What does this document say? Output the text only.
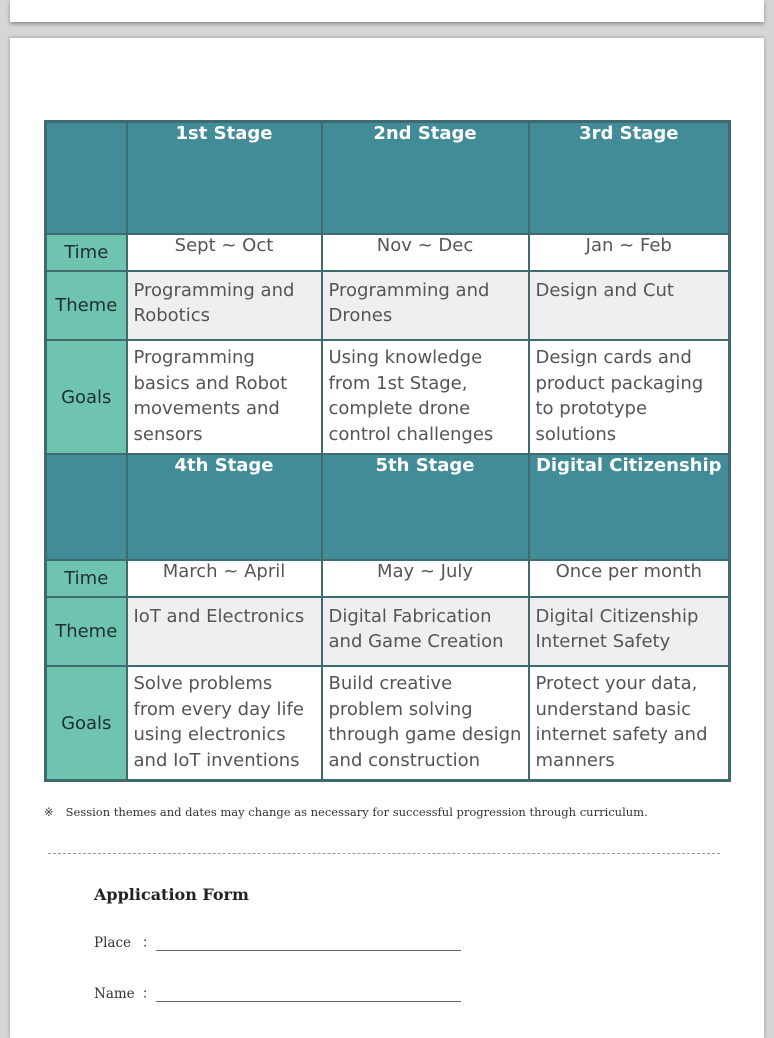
	1st Stage	2nd Stage	3rd Stage
Time	Sept ~ Oct	Nov ~ Dec	Jan ~ Feb
Theme	Programming and Robotics	Programming and Drones	Design and Cut
Goals	Programming basics and Robot movements and sensors	Using knowledge from 1st Stage, complete drone control challenges	Design cards and product packaging to prototype solutions
	4th Stage	5th Stage	Digital Citizenship
Time	March ~ April	May ~ July	Once per month
Theme	IoT and Electronics	Digital Fabrication and Game Creation	Digital Citizenship Internet Safety
Goals	Solve problems from every day life using electronics and IoT inventions	Build creative problem solving through game design and construction	Protect your data, understand basic internet safety and manners
※ Session themes and dates may change as necessary for successful progression through curriculum.
Application Form
Place ：
Name ：
